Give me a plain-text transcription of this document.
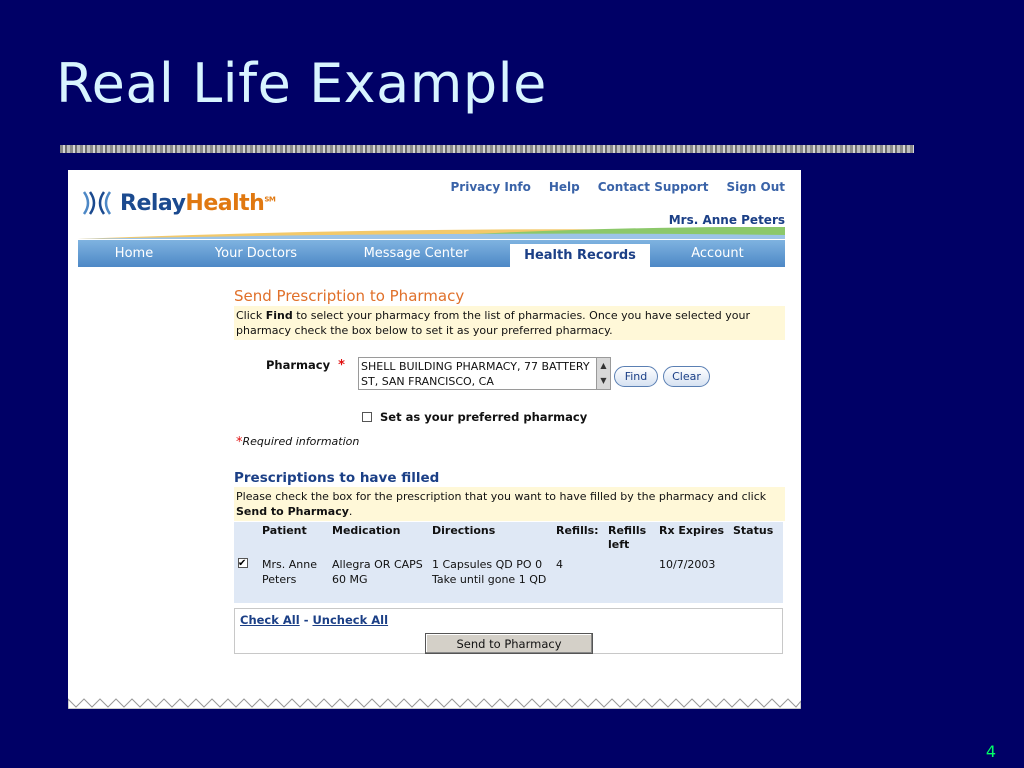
Real Life Example
RelayHealth℠
Privacy Info Help Contact Support Sign Out
Mrs. Anne Peters
Home	Your Doctors	Message Center	Health Records	Account
Send Prescription to Pharmacy
Click Find to select your pharmacy from the list of pharmacies. Once you have selected your pharmacy check the box below to set it as your preferred pharmacy.
Pharmacy * SHELL BUILDING PHARMACY, 77 BATTERY ST, SAN FRANCISCO, CA
▲
▼	Find	Clear
Set as your preferred pharmacy
*Required information
Prescriptions to have filled
Please check the box for the prescription that you want to have filled by the pharmacy and click Send to Pharmacy.
	Patient	Medication	Directions	Refills:	Refills left	Rx Expires	Status
✔	Mrs. Anne Peters	Allegra OR CAPS 60 MG	1 Capsules QD PO 0 Take until gone 1 QD	4		10/7/2003	
Check All - Uncheck All
Send to Pharmacy
4
